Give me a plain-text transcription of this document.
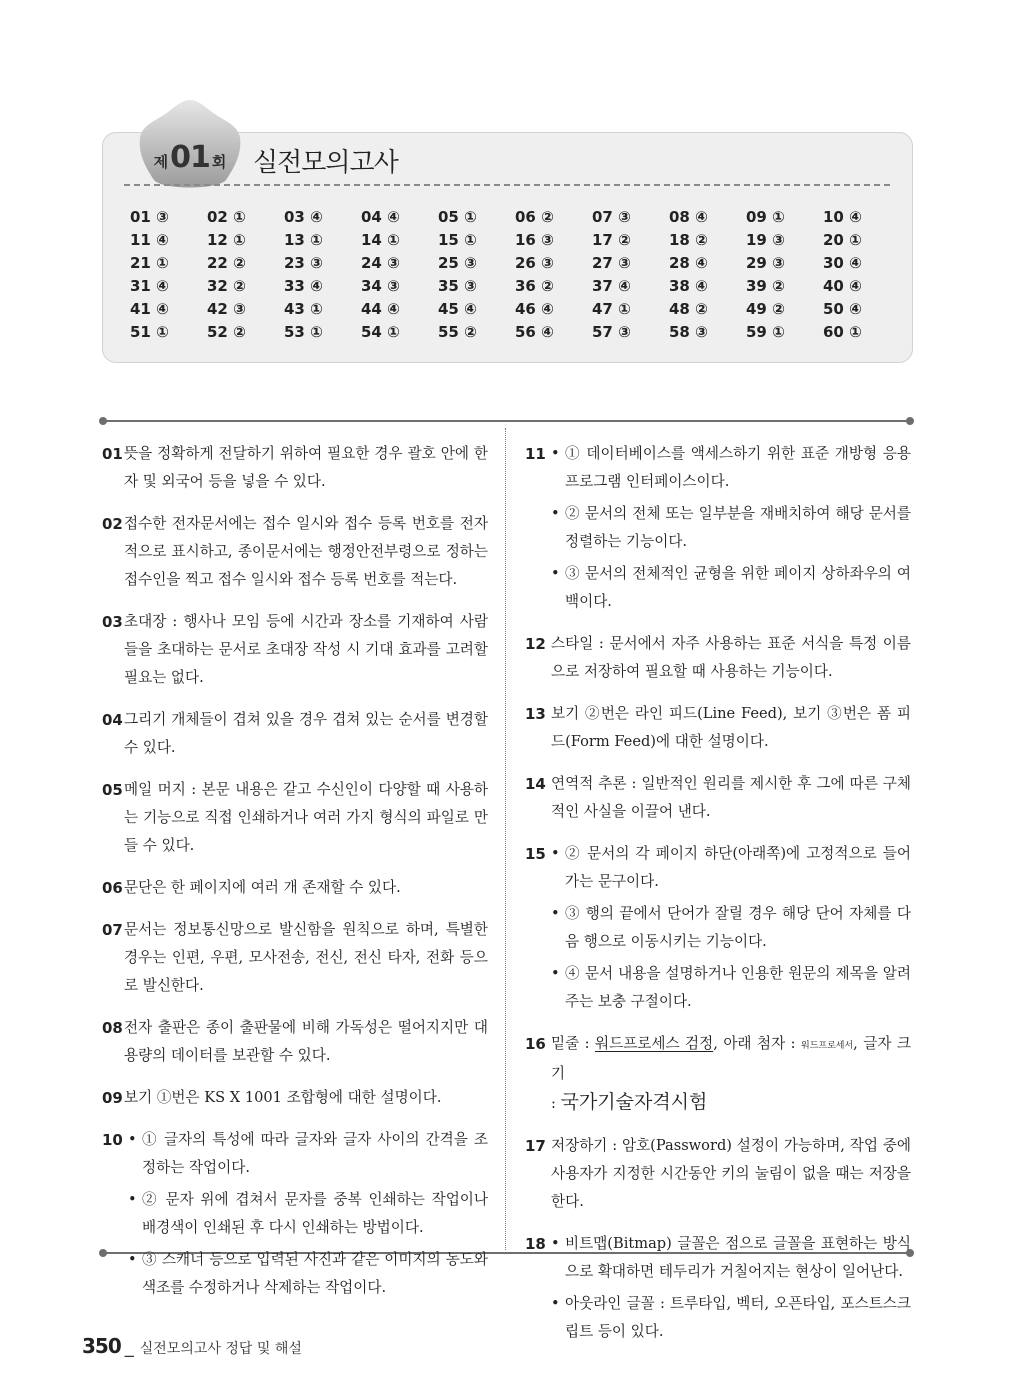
제 01 회 실전모의고사
01 ③	02 ①	03 ④	04 ④	05 ①	06 ②	07 ③	08 ④	09 ①	10 ④
11 ④	12 ①	13 ①	14 ①	15 ①	16 ③	17 ②	18 ②	19 ③	20 ①
21 ①	22 ②	23 ③	24 ③	25 ③	26 ③	27 ③	28 ④	29 ③	30 ④
31 ④	32 ②	33 ④	34 ③	35 ③	36 ②	37 ④	38 ④	39 ②	40 ④
41 ④	42 ③	43 ①	44 ④	45 ④	46 ④	47 ①	48 ②	49 ②	50 ④
51 ①	52 ②	53 ①	54 ①	55 ②	56 ④	57 ③	58 ③	59 ①	60 ①
01 뜻을 정확하게 전달하기 위하여 필요한 경우 괄호 안에 한자 및 외국어 등을 넣을 수 있다.
02 접수한 전자문서에는 접수 일시와 접수 등록 번호를 전자적으로 표시하고, 종이문서에는 행정안전부령으로 정하는 접수인을 찍고 접수 일시와 접수 등록 번호를 적는다.
03 초대장 : 행사나 모임 등에 시간과 장소를 기재하여 사람들을 초대하는 문서로 초대장 작성 시 기대 효과를 고려할 필요는 없다.
04 그리기 개체들이 겹쳐 있을 경우 겹쳐 있는 순서를 변경할 수 있다.
05 메일 머지 : 본문 내용은 같고 수신인이 다양할 때 사용하는 기능으로 직접 인쇄하거나 여러 가지 형식의 파일로 만들 수 있다.
06 문단은 한 페이지에 여러 개 존재할 수 있다.
07 문서는 정보통신망으로 발신함을 원칙으로 하며, 특별한 경우는 인편, 우편, 모사전송, 전신, 전신 타자, 전화 등으로 발신한다.
08 전자 출판은 종이 출판물에 비해 가독성은 떨어지지만 대용량의 데이터를 보관할 수 있다.
09 보기 ①번은 KS X 1001 조합형에 대한 설명이다.
10 • ① 글자의 특성에 따라 글자와 글자 사이의 간격을 조정하는 작업이다.
• ② 문자 위에 겹쳐서 문자를 중복 인쇄하는 작업이나 배경색이 인쇄된 후 다시 인쇄하는 방법이다.
• ③ 스캐너 등으로 입력된 사진과 같은 이미지의 농도와 색조를 수정하거나 삭제하는 작업이다.
11 • ① 데이터베이스를 액세스하기 위한 표준 개방형 응용 프로그램 인터페이스이다.
• ② 문서의 전체 또는 일부분을 재배치하여 해당 문서를 정렬하는 기능이다.
• ③ 문서의 전체적인 균형을 위한 페이지 상하좌우의 여백이다.
12 스타일 : 문서에서 자주 사용하는 표준 서식을 특정 이름으로 저장하여 필요할 때 사용하는 기능이다.
13 보기 ②번은 라인 피드(Line Feed), 보기 ③번은 폼 피드(Form Feed)에 대한 설명이다.
14 연역적 추론 : 일반적인 원리를 제시한 후 그에 따른 구체적인 사실을 이끌어 낸다.
15 • ② 문서의 각 페이지 하단(아래쪽)에 고정적으로 들어가는 문구이다.
• ③ 행의 끝에서 단어가 잘릴 경우 해당 단어 자체를 다음 행으로 이동시키는 기능이다.
• ④ 문서 내용을 설명하거나 인용한 원문의 제목을 알려주는 보충 구절이다.
16 밑줄 : 워드프로세스 검정, 아래 첨자 : 워드프로세서, 글자 크기
: 국가기술자격시험
17 저장하기 : 암호(Password) 설정이 가능하며, 작업 중에 사용자가 지정한 시간동안 키의 눌림이 없을 때는 저장을 한다.
18 • 비트맵(Bitmap) 글꼴은 점으로 글꼴을 표현하는 방식으로 확대하면 테두리가 거칠어지는 현상이 일어난다.
• 아웃라인 글꼴 : 트루타입, 벡터, 오픈타입, 포스트스크립트 등이 있다.
350 _ 실전모의고사 정답 및 해설
